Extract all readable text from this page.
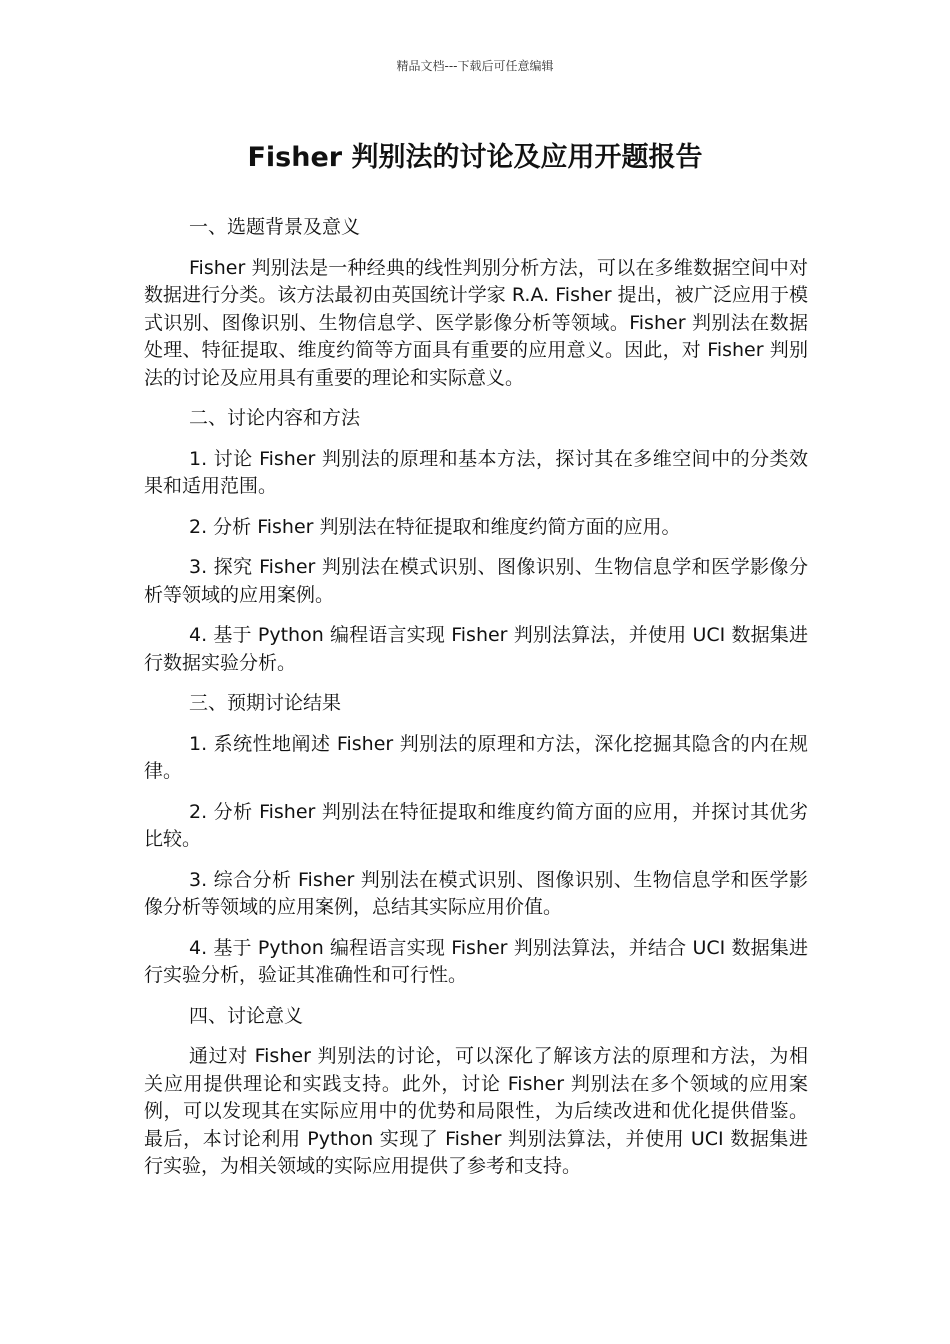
精品文档---下载后可任意编辑
Fisher 判别法的讨论及应用开题报告

一、选题背景及意义

Fisher 判别法是一种经典的线性判别分析方法，可以在多维数据空间中对数据进行分类。该方法最初由英国统计学家 R.A. Fisher 提出，被广泛应用于模式识别、图像识别、生物信息学、医学影像分析等领域。Fisher 判别法在数据处理、特征提取、维度约简等方面具有重要的应用意义。因此，对 Fisher 判别法的讨论及应用具有重要的理论和实际意义。

二、讨论内容和方法

1. 讨论 Fisher 判别法的原理和基本方法，探讨其在多维空间中的分类效果和适用范围。

2. 分析 Fisher 判别法在特征提取和维度约简方面的应用。

3. 探究 Fisher 判别法在模式识别、图像识别、生物信息学和医学影像分析等领域的应用案例。

4. 基于 Python 编程语言实现 Fisher 判别法算法，并使用 UCI 数据集进行数据实验分析。

三、预期讨论结果

1. 系统性地阐述 Fisher 判别法的原理和方法，深化挖掘其隐含的内在规律。

2. 分析 Fisher 判别法在特征提取和维度约简方面的应用，并探讨其优劣比较。

3. 综合分析 Fisher 判别法在模式识别、图像识别、生物信息学和医学影像分析等领域的应用案例，总结其实际应用价值。

4. 基于 Python 编程语言实现 Fisher 判别法算法，并结合 UCI 数据集进行实验分析，验证其准确性和可行性。

四、讨论意义

通过对 Fisher 判别法的讨论，可以深化了解该方法的原理和方法，为相关应用提供理论和实践支持。此外，讨论 Fisher 判别法在多个领域的应用案例，可以发现其在实际应用中的优势和局限性，为后续改进和优化提供借鉴。最后，本讨论利用 Python 实现了 Fisher 判别法算法，并使用 UCI 数据集进行实验，为相关领域的实际应用提供了参考和支持。
